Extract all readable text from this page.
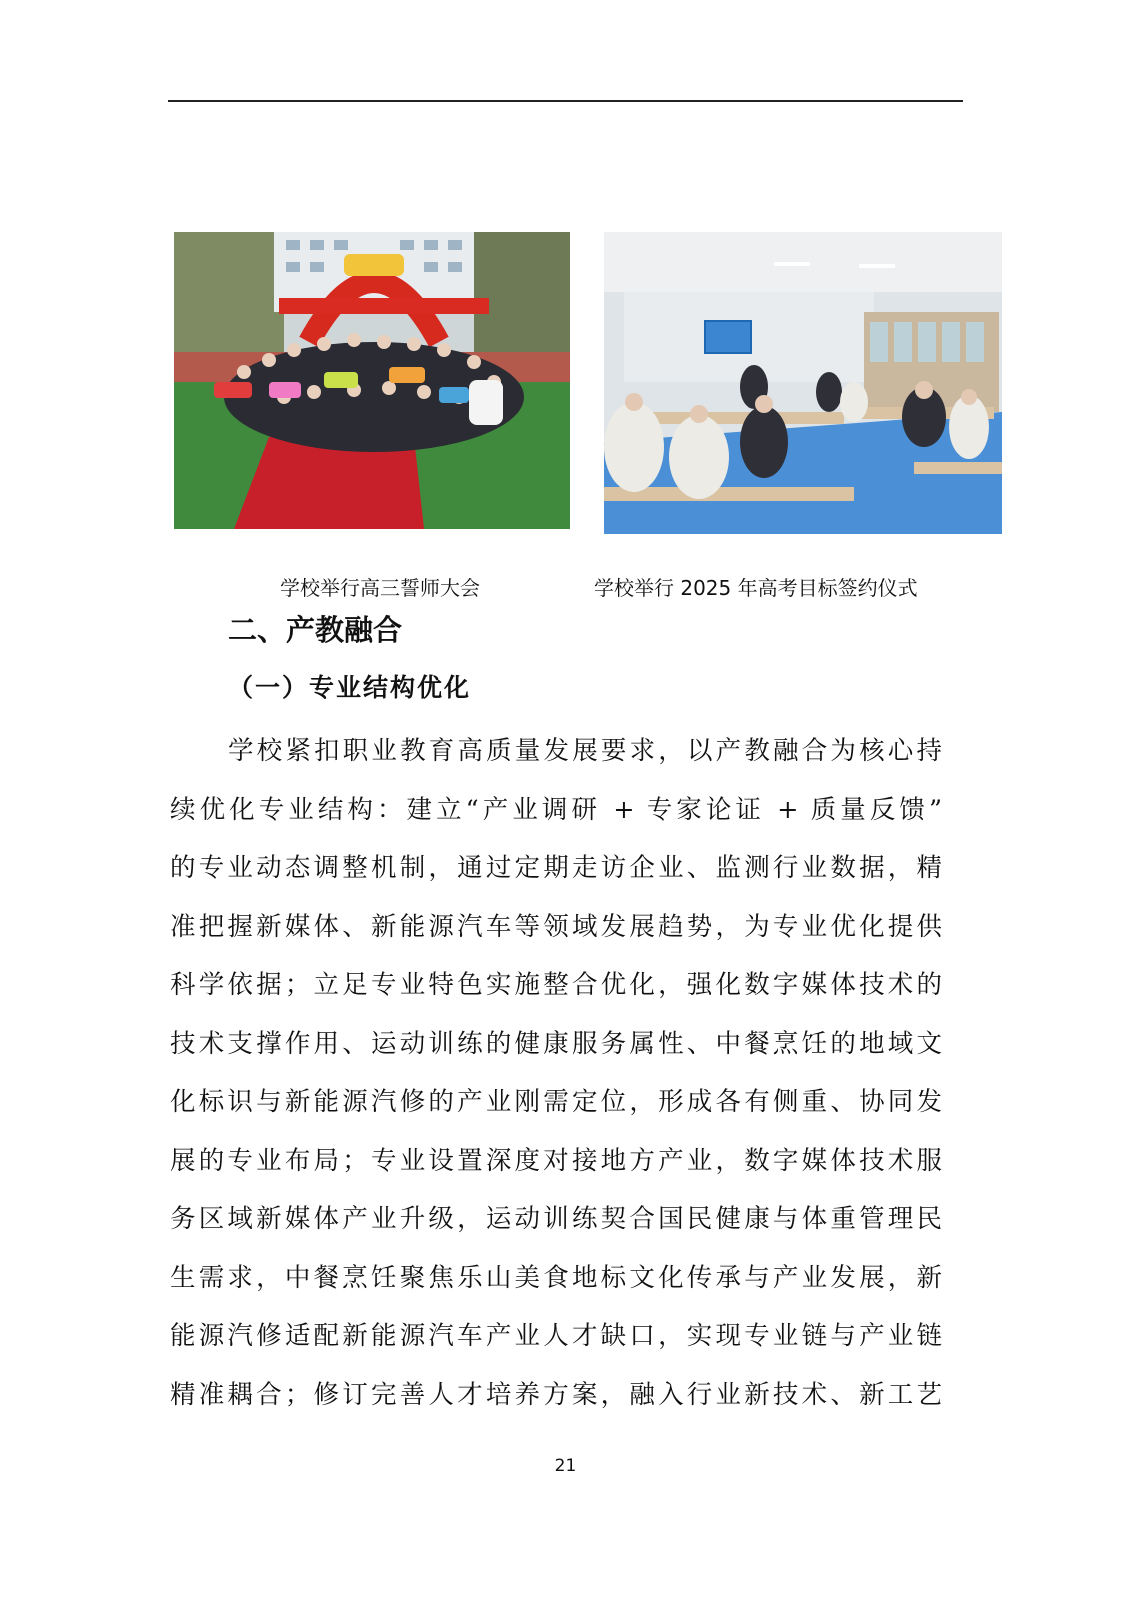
学校举行高三誓师大会	学校举行 2025 年高考目标签约仪式
二、产教融合
（一）专业结构优化
学校紧扣职业教育高质量发展要求，以产教融合为核心持
续优化专业结构：建立“产业调研 + 专家论证 + 质量反馈”
的专业动态调整机制，通过定期走访企业、监测行业数据，精
准把握新媒体、新能源汽车等领域发展趋势，为专业优化提供
科学依据；立足专业特色实施整合优化，强化数字媒体技术的
技术支撑作用、运动训练的健康服务属性、中餐烹饪的地域文
化标识与新能源汽修的产业刚需定位，形成各有侧重、协同发
展的专业布局；专业设置深度对接地方产业，数字媒体技术服
务区域新媒体产业升级，运动训练契合国民健康与体重管理民
生需求，中餐烹饪聚焦乐山美食地标文化传承与产业发展，新
能源汽修适配新能源汽车产业人才缺口，实现专业链与产业链
精准耦合；修订完善人才培养方案，融入行业新技术、新工艺
21
